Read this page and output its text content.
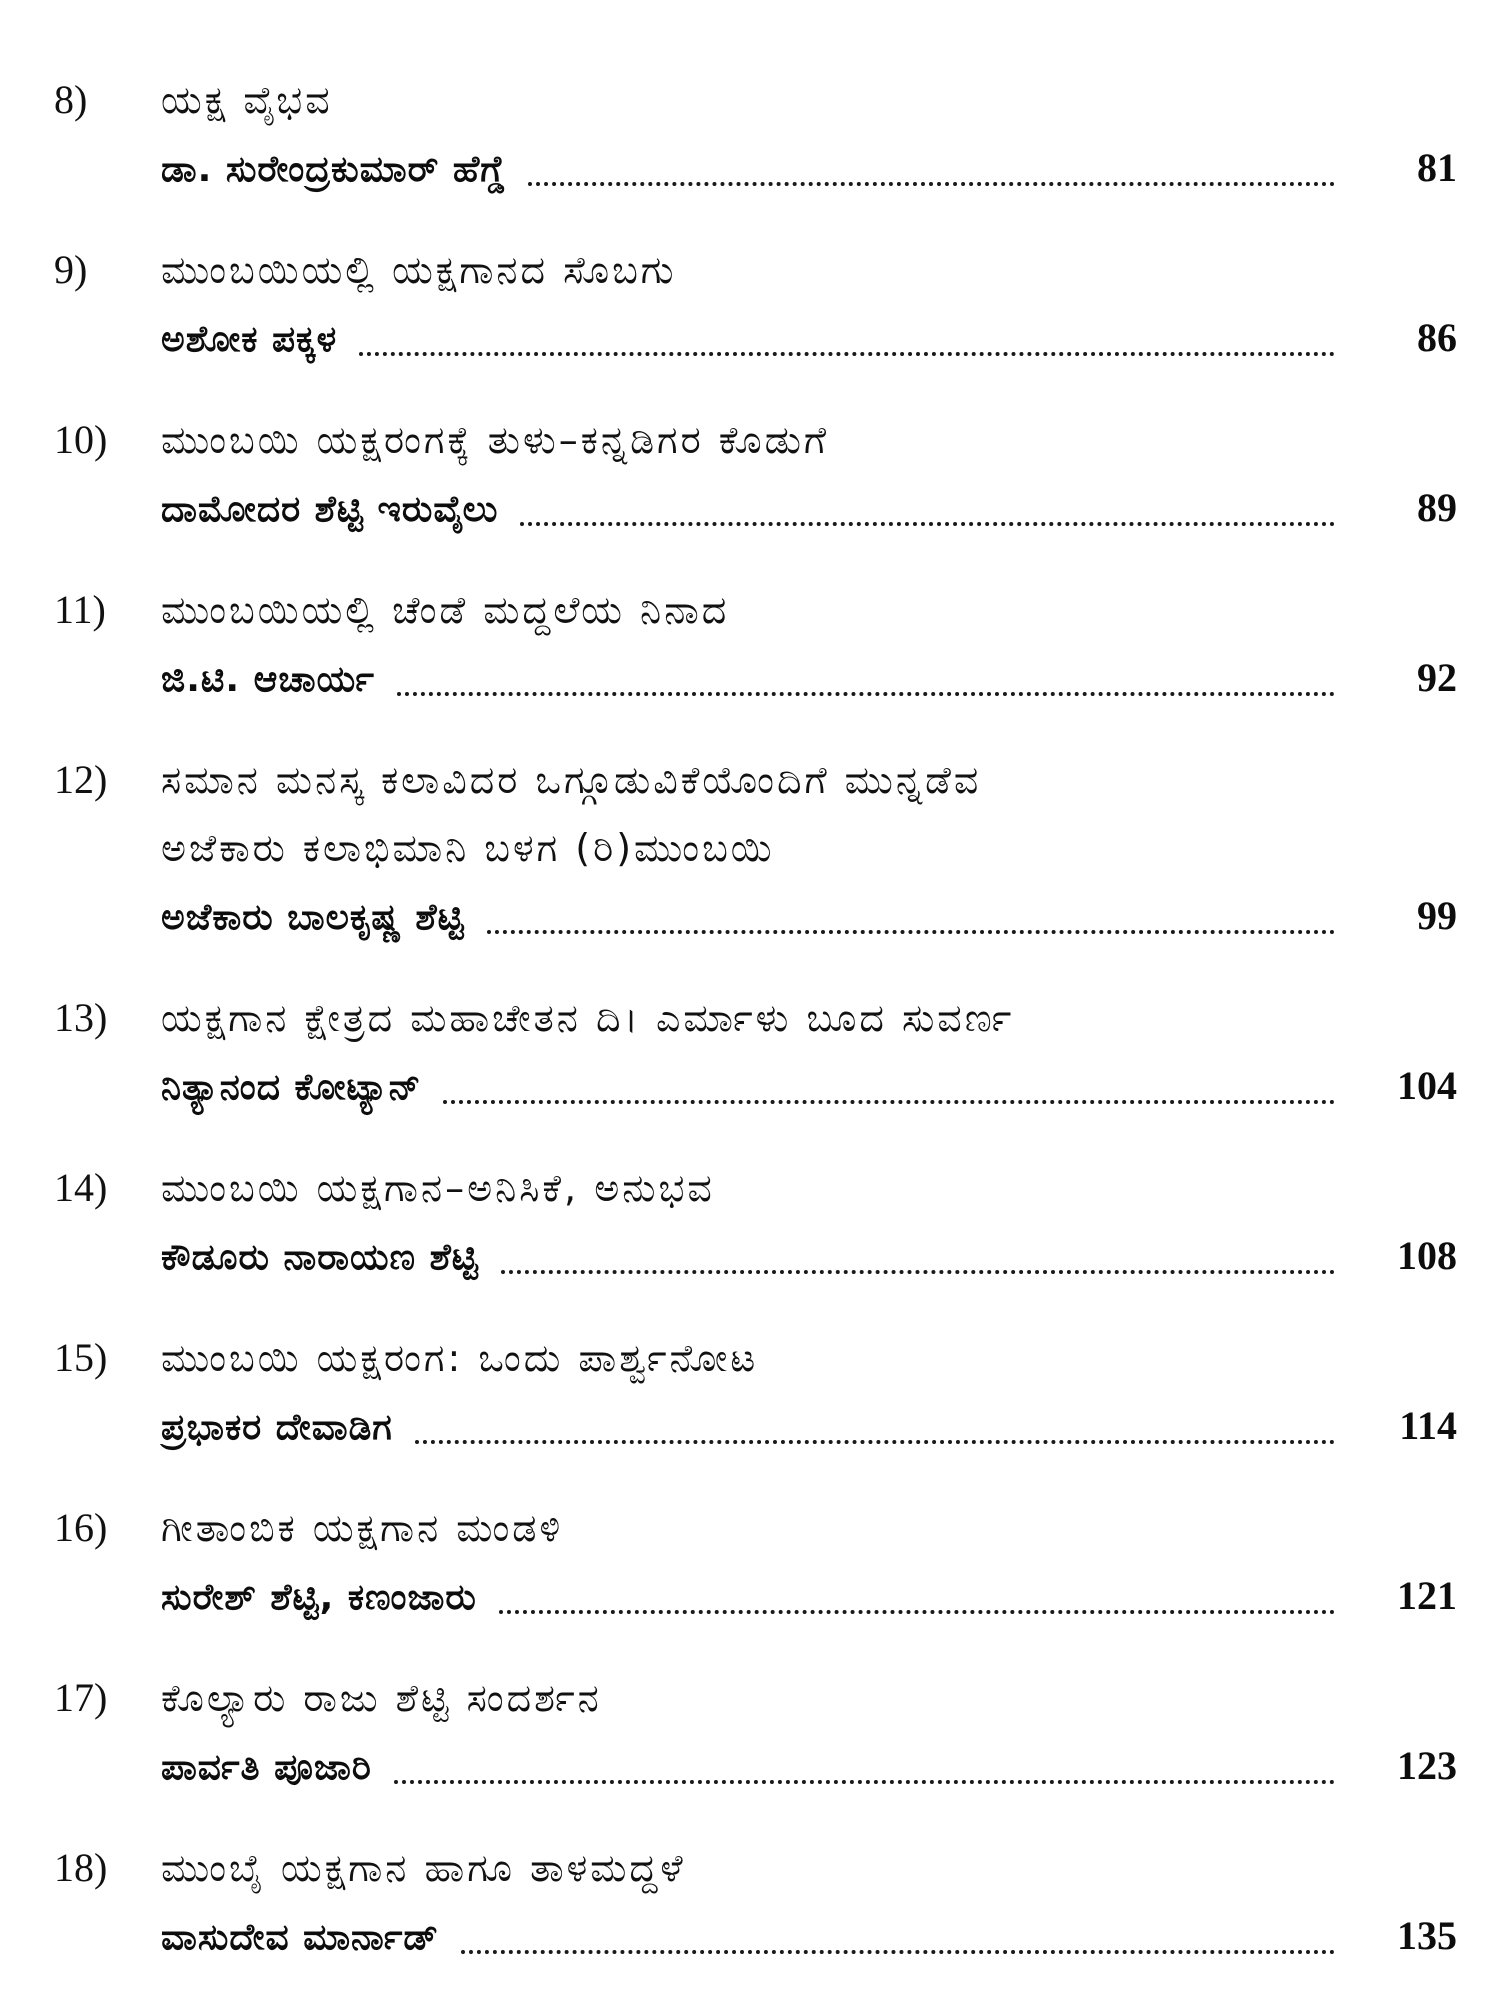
8)	ಯಕ್ಷ ವೈಭವ
ಡಾ. ಸುರೇಂದ್ರಕುಮಾರ್ ಹೆಗ್ಡೆ	81
9)	ಮುಂಬಯಿಯಲ್ಲಿ ಯಕ್ಷಗಾನದ ಸೊಬಗು
ಅಶೋಕ ಪಕ್ಕಳ	86
10)	ಮುಂಬಯಿ ಯಕ್ಷರಂಗಕ್ಕೆ ತುಳು–ಕನ್ನಡಿಗರ ಕೊಡುಗೆ
ದಾಮೋದರ ಶೆಟ್ಟಿ ಇರುವೈಲು	89
11)	ಮುಂಬಯಿಯಲ್ಲಿ ಚೆಂಡೆ ಮದ್ದಲೆಯ ನಿನಾದ
ಜಿ.ಟಿ. ಆಚಾರ್ಯ	92
12)	ಸಮಾನ ಮನಸ್ಕ ಕಲಾವಿದರ ಒಗ್ಗೂಡುವಿಕೆಯೊಂದಿಗೆ ಮುನ್ನಡೆವ
ಅಜೆಕಾರು ಕಲಾಭಿಮಾನಿ ಬಳಗ (ರಿ)ಮುಂಬಯಿ
ಅಜೆಕಾರು ಬಾಲಕೃಷ್ಣ ಶೆಟ್ಟಿ	99
13)	ಯಕ್ಷಗಾನ ಕ್ಷೇತ್ರದ ಮಹಾಚೇತನ ದಿ। ಎರ್ಮಾಳು ಬೂದ ಸುವರ್ಣ
ನಿತ್ಯಾನಂದ ಕೋಟ್ಯಾನ್	104
14)	ಮುಂಬಯಿ ಯಕ್ಷಗಾನ–ಅನಿಸಿಕೆ, ಅನುಭವ
ಕೌಡೂರು ನಾರಾಯಣ ಶೆಟ್ಟಿ	108
15)	ಮುಂಬಯಿ ಯಕ್ಷರಂಗ: ಒಂದು ಪಾರ್ಶ್ವನೋಟ
ಪ್ರಭಾಕರ ದೇವಾಡಿಗ	114
16)	ಗೀತಾಂಬಿಕ ಯಕ್ಷಗಾನ ಮಂಡಳಿ
ಸುರೇಶ್ ಶೆಟ್ಟಿ, ಕಣಂಜಾರು	121
17)	ಕೊಲ್ಯಾರು ರಾಜು ಶೆಟ್ಟಿ ಸಂದರ್ಶನ
ಪಾರ್ವತಿ ಪೂಜಾರಿ	123
18)	ಮುಂಬೈ ಯಕ್ಷಗಾನ ಹಾಗೂ ತಾಳಮದ್ದಳೆ
ವಾಸುದೇವ ಮಾರ್ನಾಡ್	135
